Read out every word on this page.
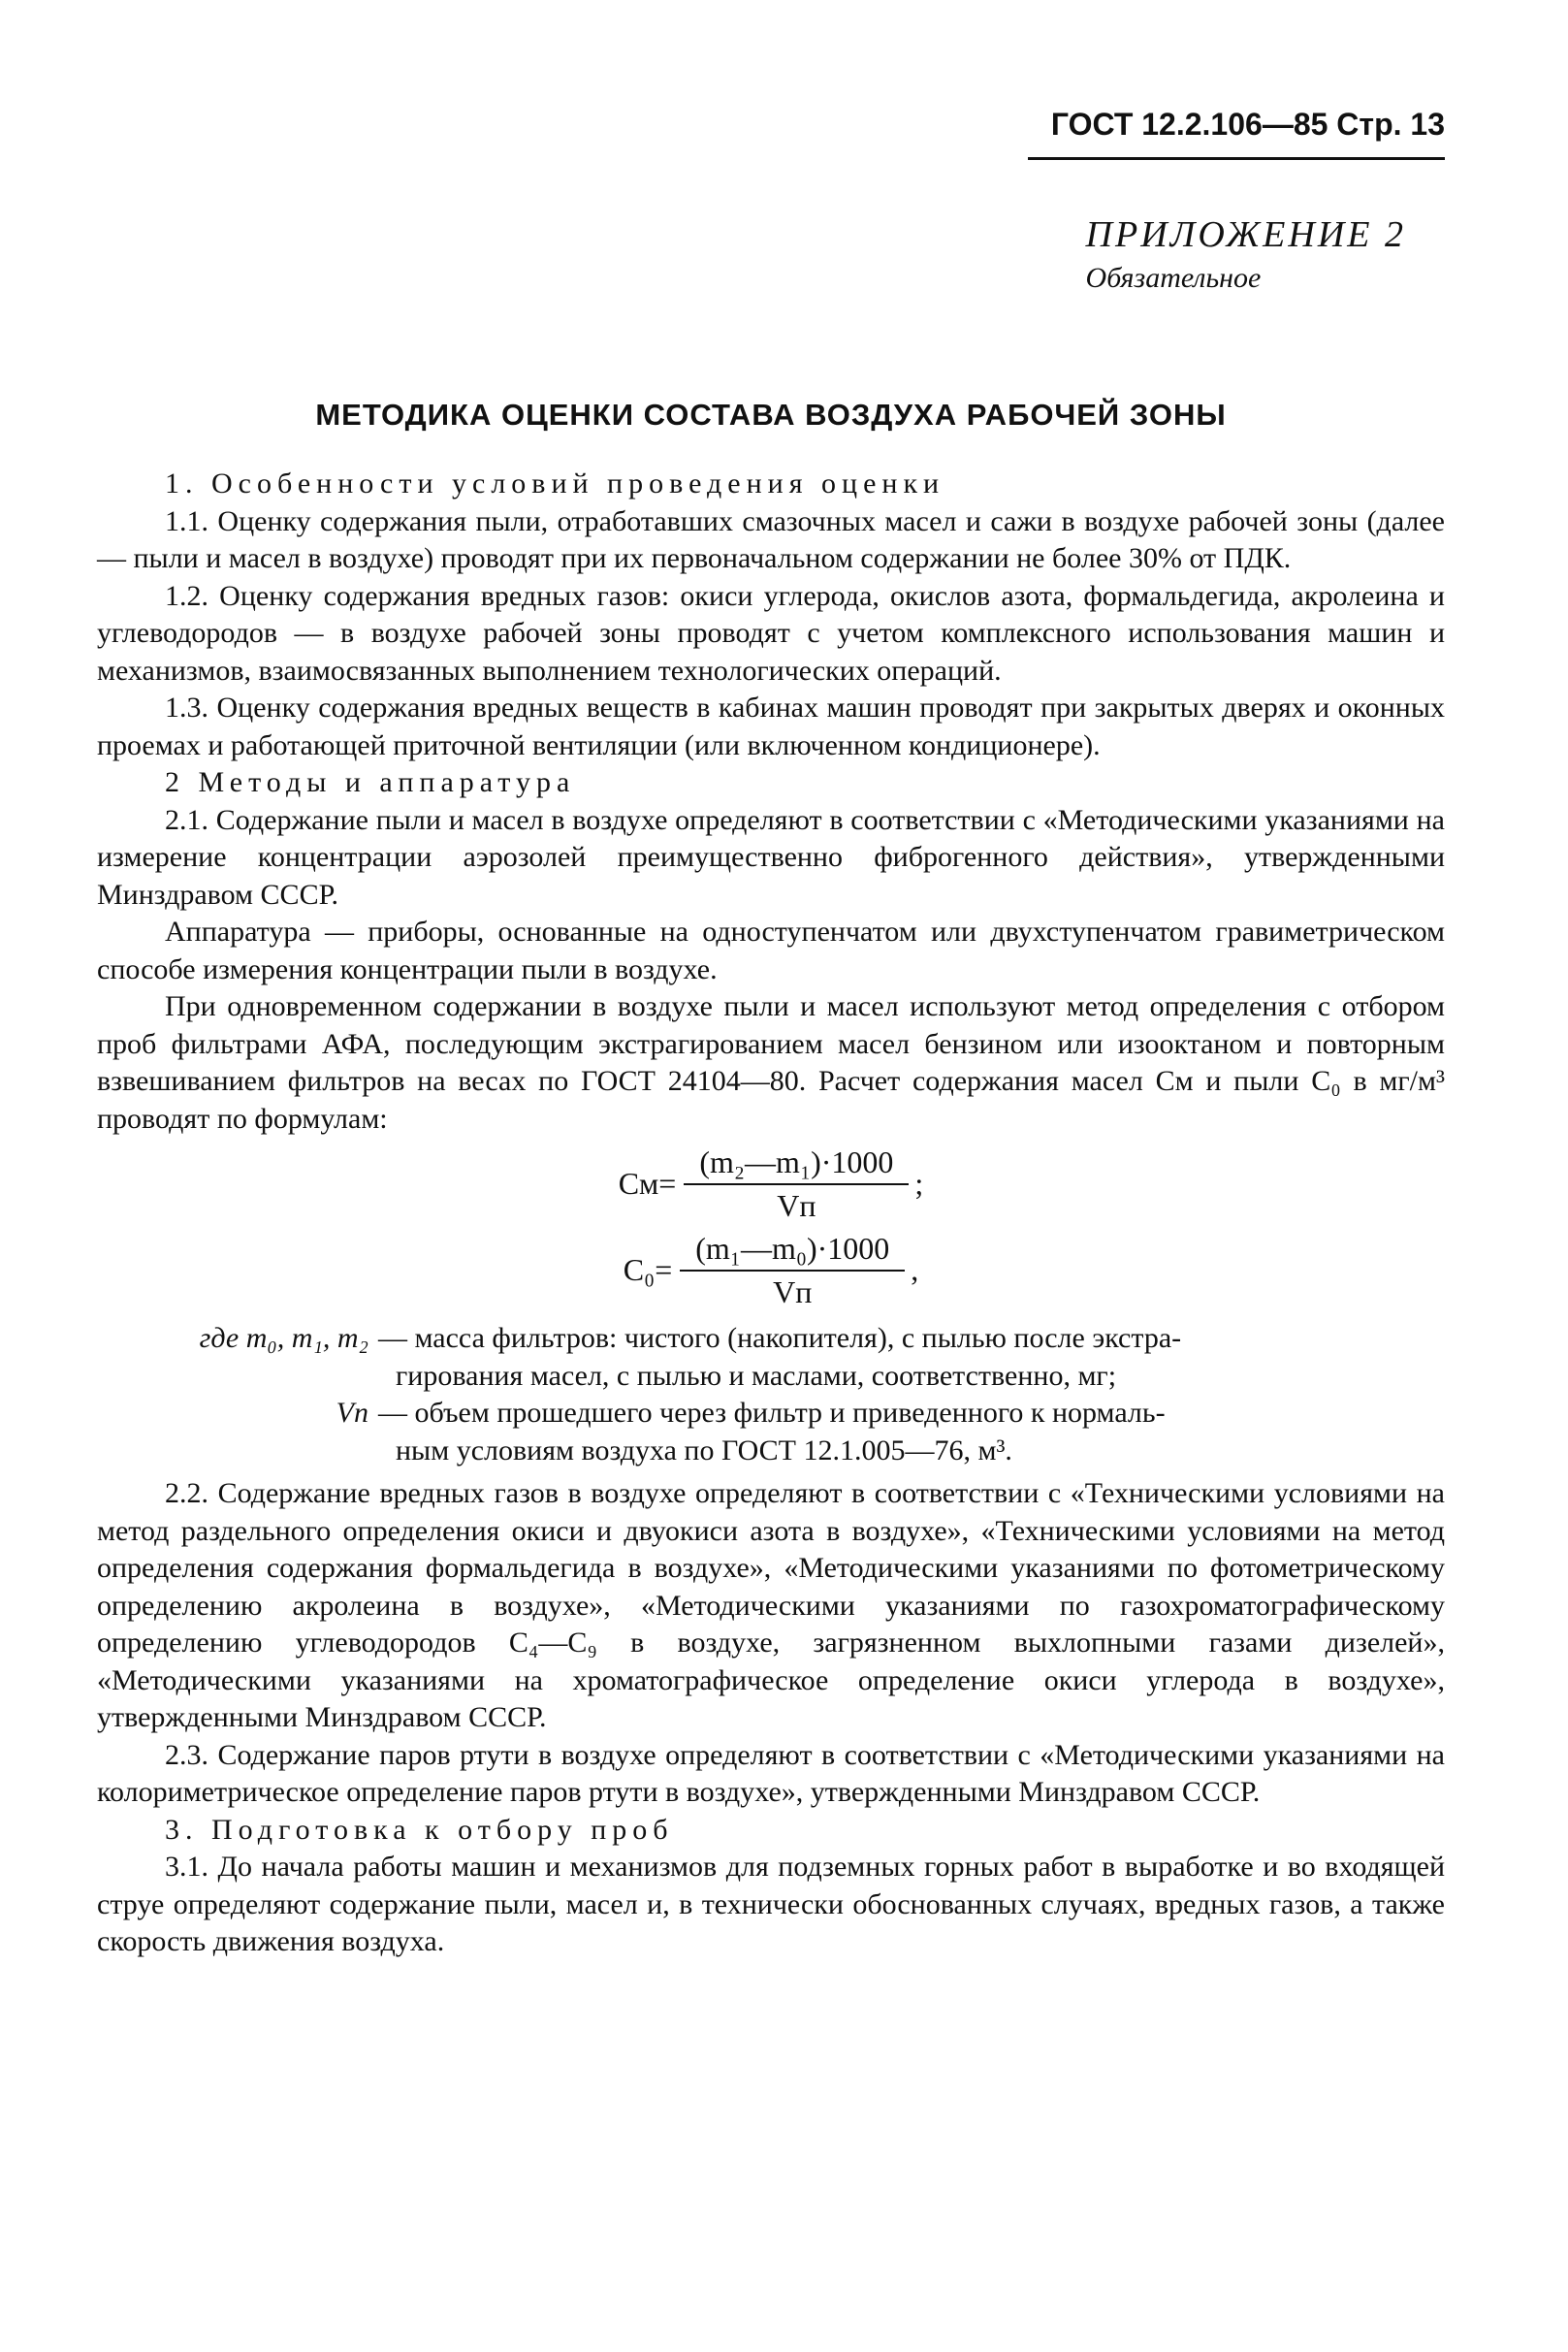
ГОСТ 12.2.106—85 Стр. 13
ПРИЛОЖЕНИЕ 2
Обязательное
МЕТОДИКА ОЦЕНКИ СОСТАВА ВОЗДУХА РАБОЧЕЙ ЗОНЫ

1. Особенности условий проведения оценки

1.1. Оценку содержания пыли, отработавших смазочных масел и сажи в воздухе рабочей зоны (далее — пыли и масел в воздухе) проводят при их первоначальном содержании не более 30% от ПДК.

1.2. Оценку содержания вредных газов: окиси углерода, окислов азота, формальдегида, акролеина и углеводородов — в воздухе рабочей зоны проводят с учетом комплексного использования машин и механизмов, взаимосвязанных выполнением технологических операций.

1.3. Оценку содержания вредных веществ в кабинах машин проводят при закрытых дверях и оконных проемах и работающей приточной вентиляции (или включенном кондиционере).

2 Методы и аппаратура

2.1. Содержание пыли и масел в воздухе определяют в соответствии с «Методическими указаниями на измерение концентрации аэрозолей преимущественно фиброгенного действия», утвержденными Минздравом СССР.

Аппаратура — приборы, основанные на одноступенчатом или двухступенчатом гравиметрическом способе измерения концентрации пыли в воздухе.

При одновременном содержании в воздухе пыли и масел используют метод определения с отбором проб фильтрами АФА, последующим экстрагированием масел бензином или изооктаном и повторным взвешиванием фильтров на весах по ГОСТ 24104—80. Расчет содержания масел Cм и пыли C₀ в мг/м³ проводят по формулам:

$Cм= \frac{\text{(m₂—m₁)·1000}}{Vп}$ ;
$C_0= \frac{\text{(m₁—m₀)·1000}}{Vп}$ ,
где m₀, m₁, m₂ — масса фильтров: чистого (накопителя), с пылью после экстра-
гирования масел, с пылью и маслами, соответственно, мг;
Vп — объем прошедшего через фильтр и приведенного к нормаль-
ным условиям воздуха по ГОСТ 12.1.005—76, м³.

2.2. Содержание вредных газов в воздухе определяют в соответствии с «Техническими условиями на метод раздельного определения окиси и двуокиси азота в воздухе», «Техническими условиями на метод определения содержания формальдегида в воздухе», «Методическими указаниями по фотометрическому определению акролеина в воздухе», «Методическими указаниями по газохроматографическому определению углеводородов C₄—C₉ в воздухе, загрязненном выхлопными газами дизелей», «Методическими указаниями на хроматографическое определение окиси углерода в воздухе», утвержденными Минздравом СССР.

2.3. Содержание паров ртути в воздухе определяют в соответствии с «Методическими указаниями на колориметрическое определение паров ртути в воздухе», утвержденными Минздравом СССР.

3. Подготовка к отбору проб

3.1. До начала работы машин и механизмов для подземных горных работ в выработке и во входящей струе определяют содержание пыли, масел и, в технически обоснованных случаях, вредных газов, а также скорость движения воздуха.
